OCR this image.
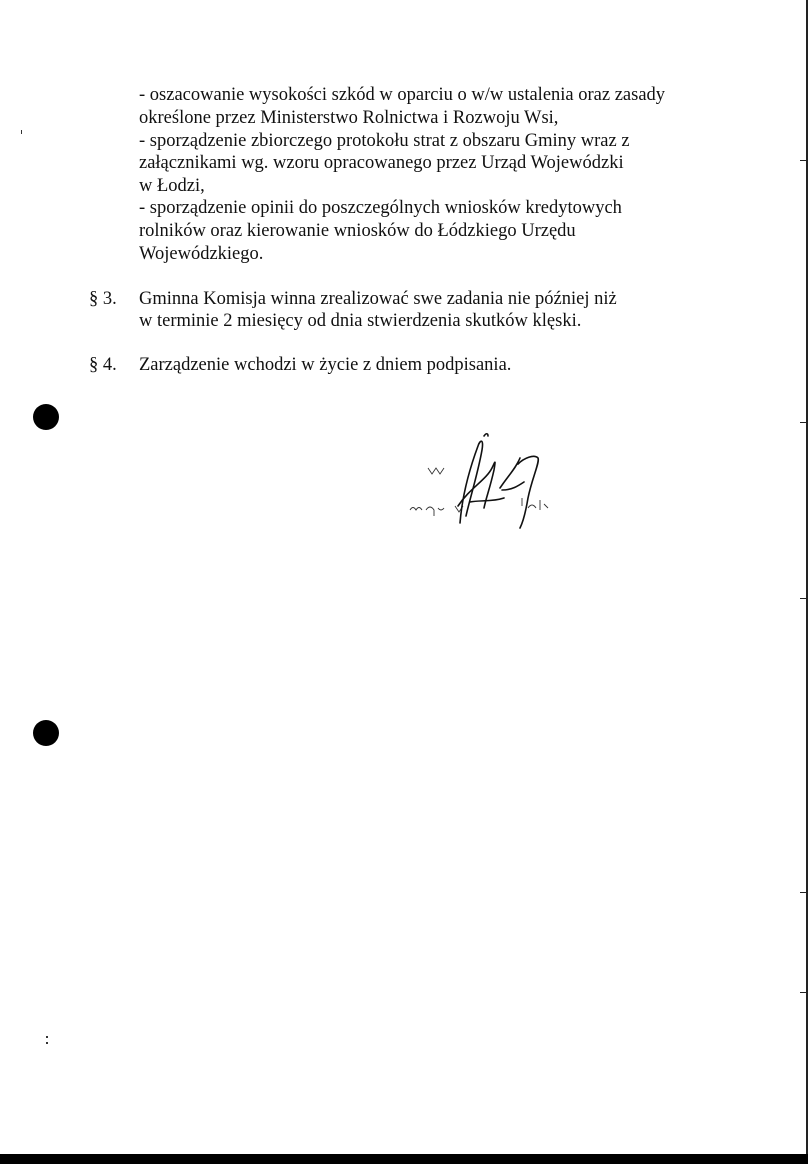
- oszacowanie wysokości szkód w oparciu o w/w ustalenia oraz zasady
określone przez Ministerstwo Rolnictwa i Rozwoju Wsi,
- sporządzenie zbiorczego protokołu strat z obszaru Gminy wraz z
załącznikami wg. wzoru opracowanego przez Urząd Wojewódzki
w Łodzi,
- sporządzenie opinii do poszczególnych wniosków kredytowych
rolników oraz kierowanie wniosków do Łódzkiego Urzędu
Wojewódzkiego.
§ 3. Gminna Komisja winna zrealizować swe zadania nie później niż
w terminie 2 miesięcy od dnia stwierdzenia skutków klęski.
§ 4. Zarządzenie wchodzi w życie z dniem podpisania.
